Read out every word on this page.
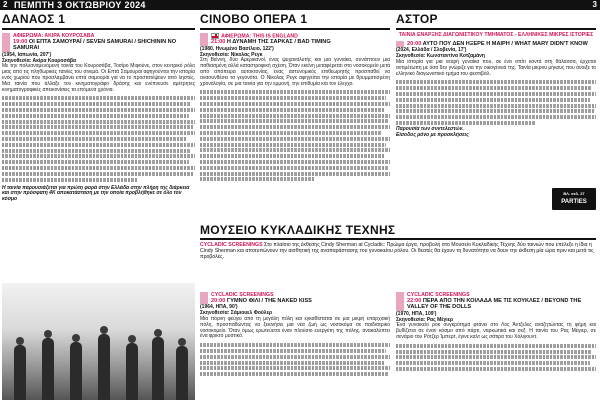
2 ΠΕΜΠΤΗ 3 ΟΚΤΩΒΡΙΟΥ 2024	3
ΔΑΝΑΟΣ 1
ΑΦΙΕΡΩΜΑ: ΑΚΙΡΑ ΚΟΥΡΟΣΑΒΑ
19:00 ΟΙ ΕΠΤΑ ΣΑΜΟΥΡΑΪ / SEVEN SAMURAI / SHICHININ NO SAMURAI
(1954, Ιαπωνία, 207')
Σκηνοθεσία: Ακίρα Κουροσάβα
Με την πολυαναμενόμενη ταινία του Κουροσάβα, Τοσίρο Μιφούνε, στον κεντρικό ρόλο μιας από τις πληθωρικές ταινίες του σινεμά. Οι Επτά Σαμουράι αφηγούνται την ιστορία ενός χωριού που προσλαμβάνει επτά σαμουράι για να το προστατέψουν από ληστές. Μια ταινία που άλλαξε τον κινηματογράφο δράσης και ενέπνευσε αμέτρητες κινηματογραφικές απεικονίσεις τα επόμενα χρόνια.
Η ταινία παρουσιάζεται για πρώτη φορά στην Ελλάδα στην πλήρη της διάρκεια και στην πρόσφατη 4Κ αποκατάσταση με την οποία προβλήθηκε σε όλο τον κόσμο
CINOBO ΟΠΕΡΑ 1
ΑΦΙΕΡΩΜΑ: THIS IS ENGLAND
21:00 Η ΔΥΝΑΜΗ ΤΗΣ ΣΑΡΚΑΣ / BAD TIMING
(1980, Ηνωμένο Βασίλειο, 122')
Σκηνοθεσία: Νίκολας Ρεγκ
Στη Βιέννη, δύο Αμερικανοί, ένας ψυχαναλυτής και μια γυναίκα, συνάπτουν μια παθιασμένη αλλά καταστροφική σχέση. Όταν εκείνη μεταφέρεται στο νοσοκομείο μετά από απόπειρα αυτοκτονίας, ένας αστυνομικός επιθεωρητής προσπαθεί να ανασυνθέσει τα γεγονότα. Ο Νίκολας Ρεγκ αφηγείται την ιστορία με θρυμματισμένη χρονολογία, σε μια ταινία για την εμμονή, την επιθυμία και τον έλεγχο.
ΑΣΤΟΡ
ΤΑΙΝΙΑ ΕΝΑΡΞΗΣ ΔΙΑΓΩΝΙΣΤΙΚΟΥ ΤΜΗΜΑΤΟΣ - ΕΛΛΗΝΙΚΕΣ ΜΙΚΡΕΣ ΙΣΤΟΡΙΕΣ
20:00 ΑΥΤΟ ΠΟΥ ΔΕΝ ΗΞΕΡΕ Η ΜΑΙΡΗ / WHAT MARY DIDN'T KNOW
(2024, Ελλάδα / Σλοβενία, 17')
Σκηνοθεσία: Κωνσταντίνα Κοτζαμάνη
Μια ιστορία για μια νεαρή γυναίκα που, σε ένα σπίτι κοντά στη θάλασσα, έρχεται αντιμέτωπη με όσα δεν γνώριζε για την οικογένειά της. Ταινία μικρού μήκους που άνοιξε το ελληνικό διαγωνιστικό τμήμα του φεστιβάλ.
Παρουσία των συντελεστών.
Είσοδος μόνο με προσκλήσεις
ΒΛ. σελ. 27
PARTIES
ΜΟΥΣΕΙΟ ΚΥΚΛΑΔΙΚΗΣ ΤΕΧΝΗΣ
CYCLADIC SCREENINGS Στο πλαίσιο της έκθεσης Cindy Sherman at Cycladic: Πρώιμα έργα, προβολή στο Μουσείο Κυκλαδικής Τέχνης δύο ταινιών που επέλεξε η ίδια η Cindy Sherman και αποτυπώνουν την αισθητική της αναπαράστασης του γυναικείου ρόλου. Οι θεατές θα έχουν τη δυνατότητα να δουν την έκθεση μία ώρα πριν και μετά τις προβολές.
CYCLADIC SCREENINGS
20:00 ΓΥΜΝΟ ΦΙΛΙ / THE NAKED KISS
(1964, ΗΠΑ, 90')
Σκηνοθεσία: Σάμιουελ Φούλερ
Μια πόρνη φεύγει από τη μεγάλη πόλη και εγκαθίσταται σε μια μικρή επαρχιακή πόλη, προσπαθώντας να ξεκινήσει μια νέα ζωή ως νοσοκόμα σε παιδιατρικό νοσοκομείο. Όταν όμως ερωτεύεται έναν πλούσιο ευεργέτη της πόλης, ανακαλύπτει ένα φρικτό μυστικό.
CYCLADIC SCREENINGS
22:00 ΠΕΡΑ ΑΠΟ ΤΗΝ ΚΟΙΛΑΔΑ ΜΕ ΤΙΣ ΚΟΥΚΛΕΣ / BEYOND THE VALLEY OF THE DOLLS
(1970, ΗΠΑ, 109')
Σκηνοθεσία: Ρας Μέγιερ
Ένα γυναικείο ροκ συγκρότημα φτάνει στο Λος Άντζελες αναζητώντας τη φήμη και βυθίζεται σε έναν κόσμο από πάρτι, ναρκωτικά και σεξ. Η ταινία του Ρας Μέγιερ, σε σενάριο του Ρότζερ Ίμπερτ, έγινε καλτ ως σάτιρα του Χόλιγουντ.
